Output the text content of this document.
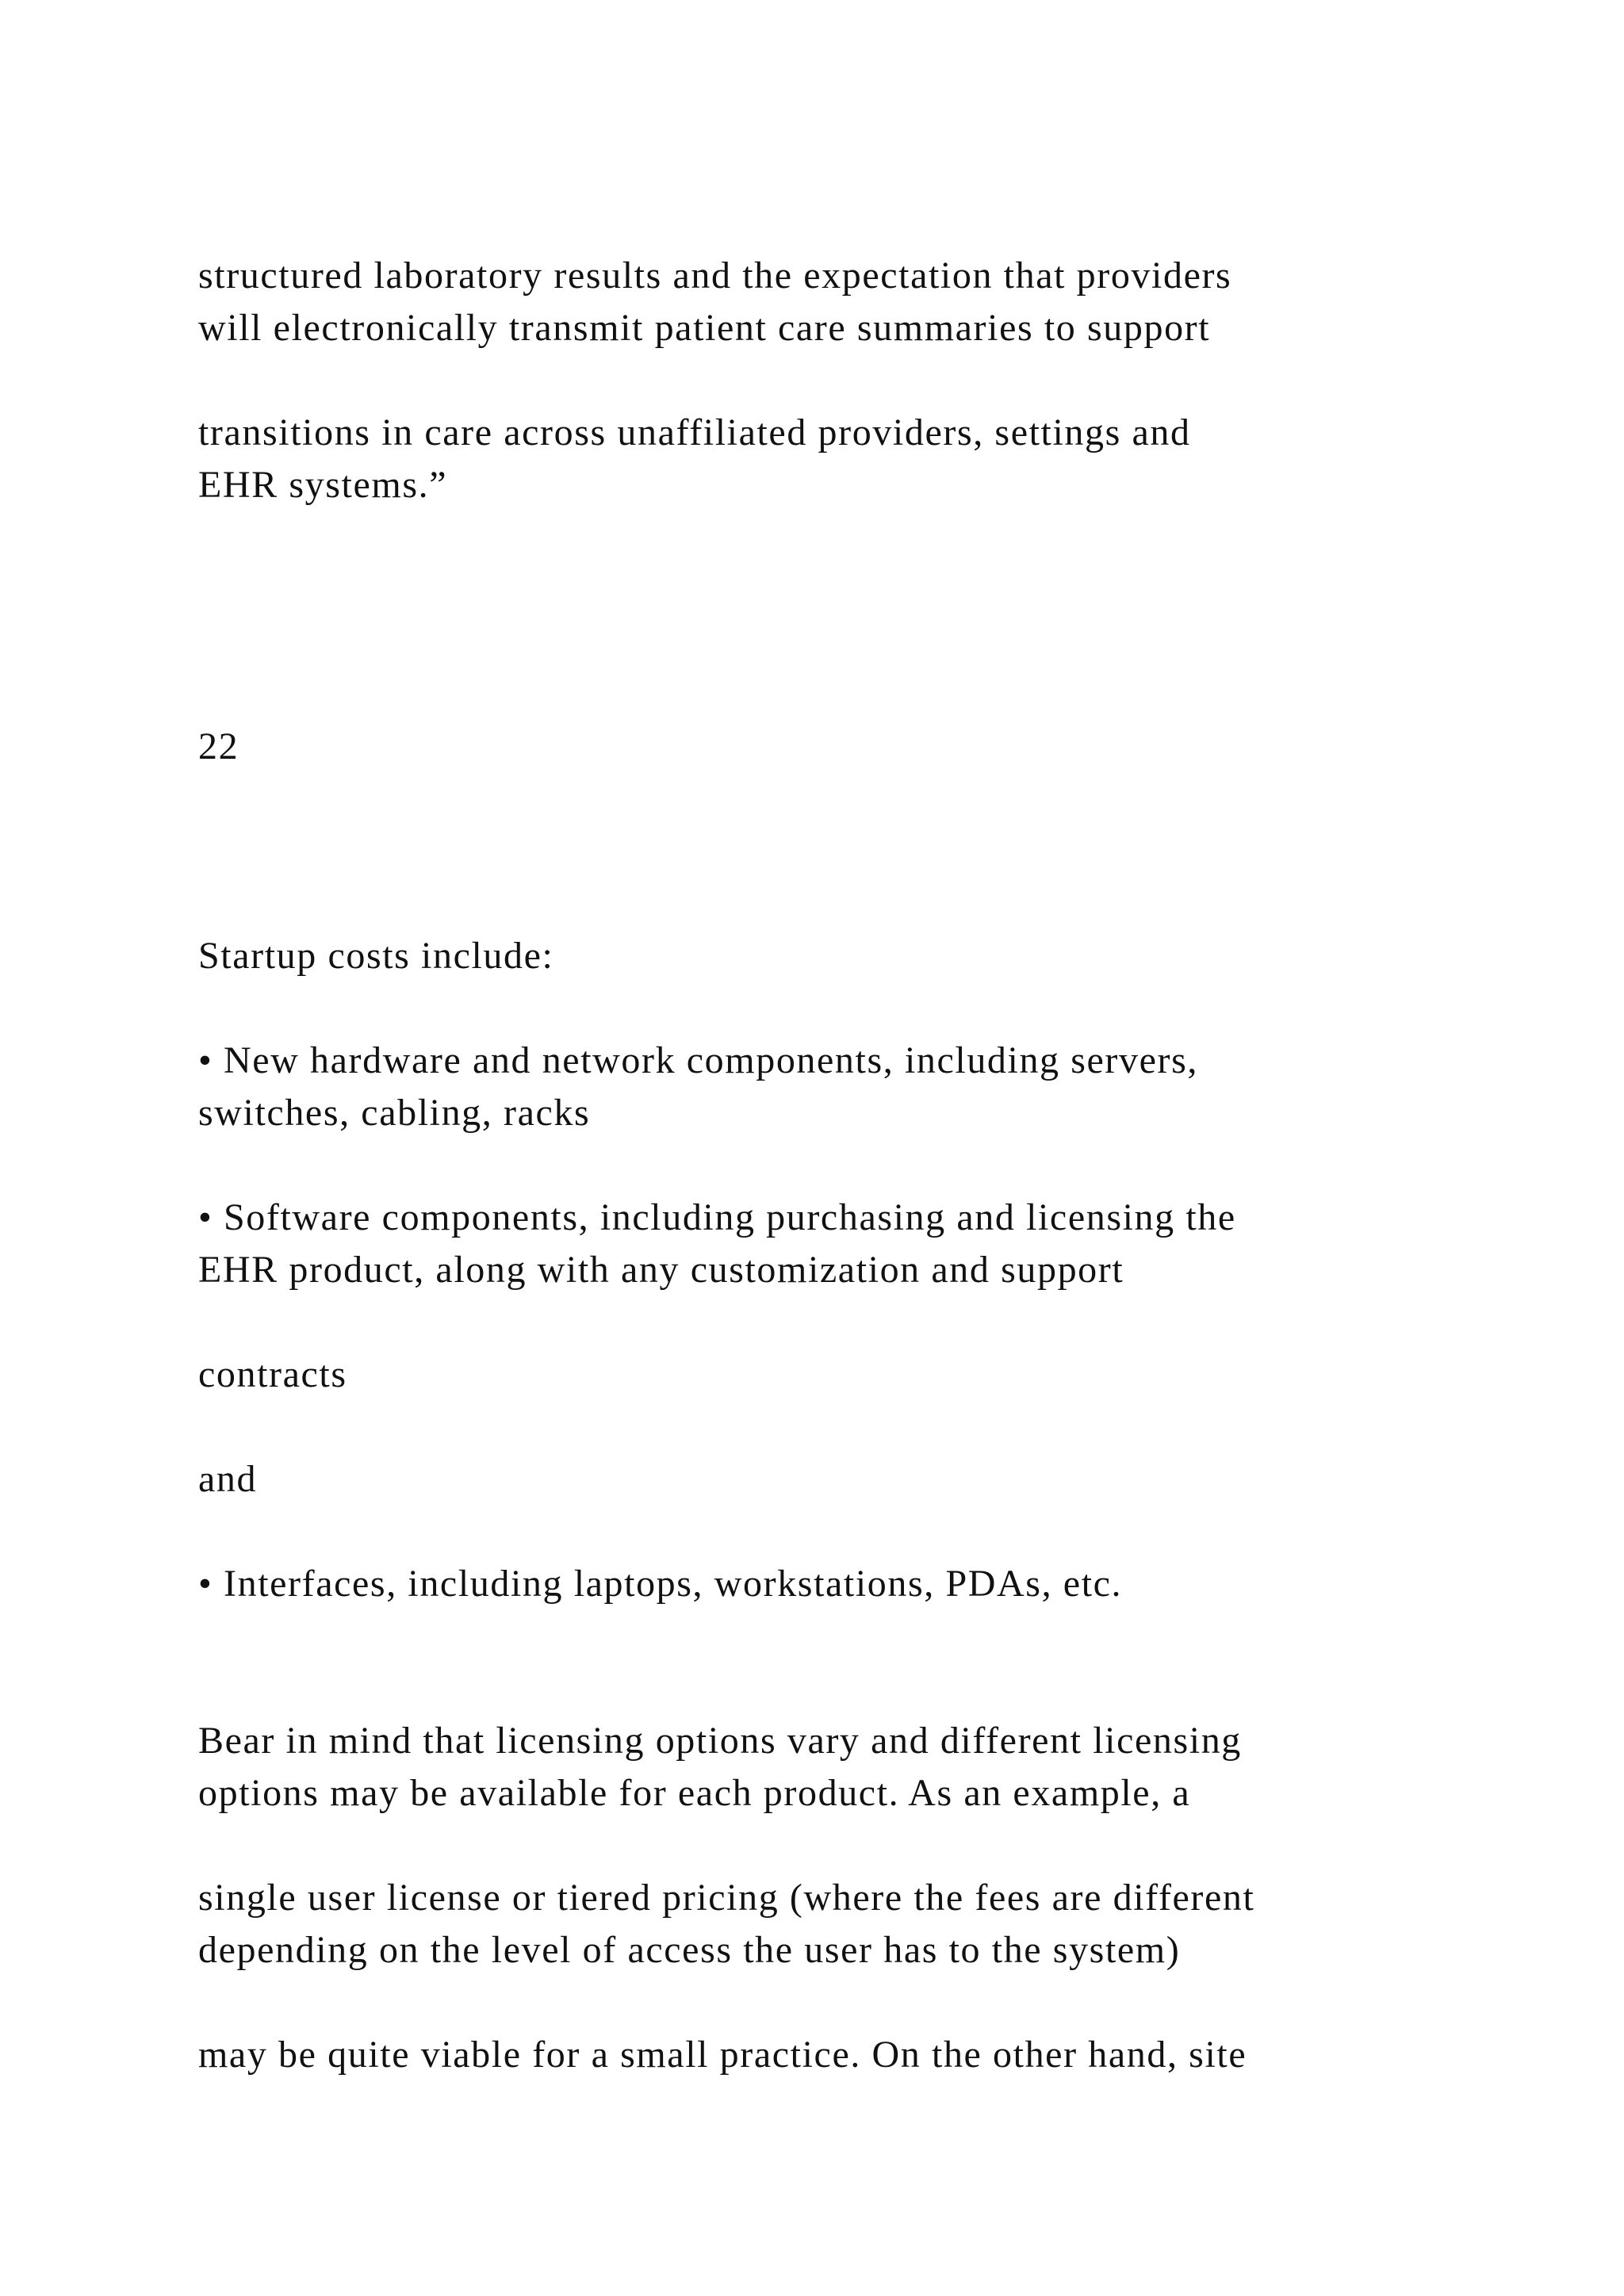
structured laboratory results and the expectation that providers
will electronically transmit patient care summaries to support
transitions in care across unaffiliated providers, settings and
EHR systems.”
22
Startup costs include:
• New hardware and network components, including servers,
switches, cabling, racks
• Software components, including purchasing and licensing the
EHR product, along with any customization and support
contracts
and
• Interfaces, including laptops, workstations, PDAs, etc.
Bear in mind that licensing options vary and different licensing
options may be available for each product. As an example, a
single user license or tiered pricing (where the fees are different
depending on the level of access the user has to the system)
may be quite viable for a small practice. On the other hand, site
